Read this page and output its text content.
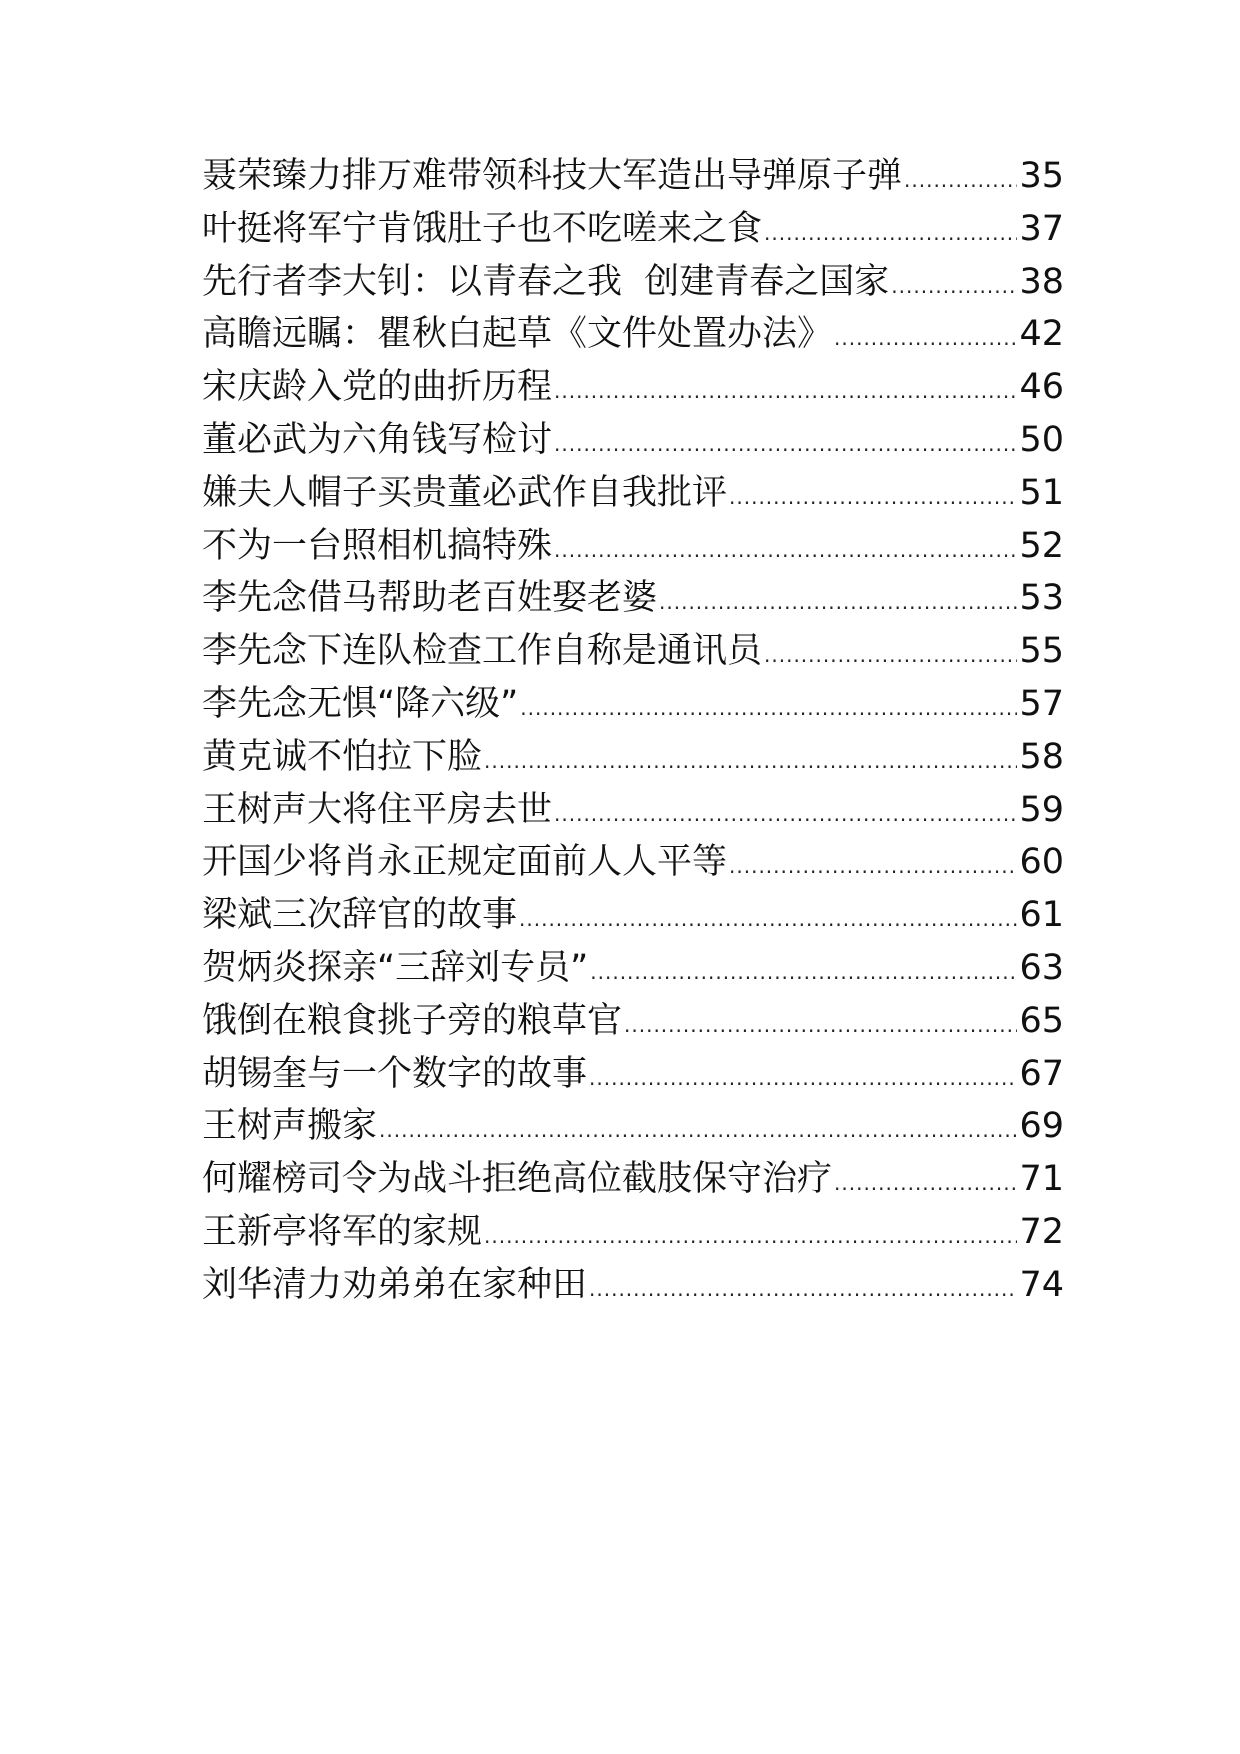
聂荣臻力排万难带领科技大军造出导弹原子弹 .....	35
叶挺将军宁肯饿肚子也不吃嗟来之食 .....	37
先行者李大钊：以青春之我  创建青春之国家 .....	38
高瞻远瞩：瞿秋白起草《文件处置办法》 .....	42
宋庆龄入党的曲折历程 .....	46
董必武为六角钱写检讨 .....	50
嫌夫人帽子买贵董必武作自我批评 .....	51
不为一台照相机搞特殊 .....	52
李先念借马帮助老百姓娶老婆 .....	53
李先念下连队检查工作自称是通讯员 .....	55
李先念无惧“降六级” .....	57
黄克诚不怕拉下脸 .....	58
王树声大将住平房去世 .....	59
开国少将肖永正规定面前人人平等 .....	60
梁斌三次辞官的故事 .....	61
贺炳炎探亲“三辞刘专员” .....	63
饿倒在粮食挑子旁的粮草官 .....	65
胡锡奎与一个数字的故事 .....	67
王树声搬家 .....	69
何耀榜司令为战斗拒绝高位截肢保守治疗 .....	71
王新亭将军的家规 .....	72
刘华清力劝弟弟在家种田 .....	74
